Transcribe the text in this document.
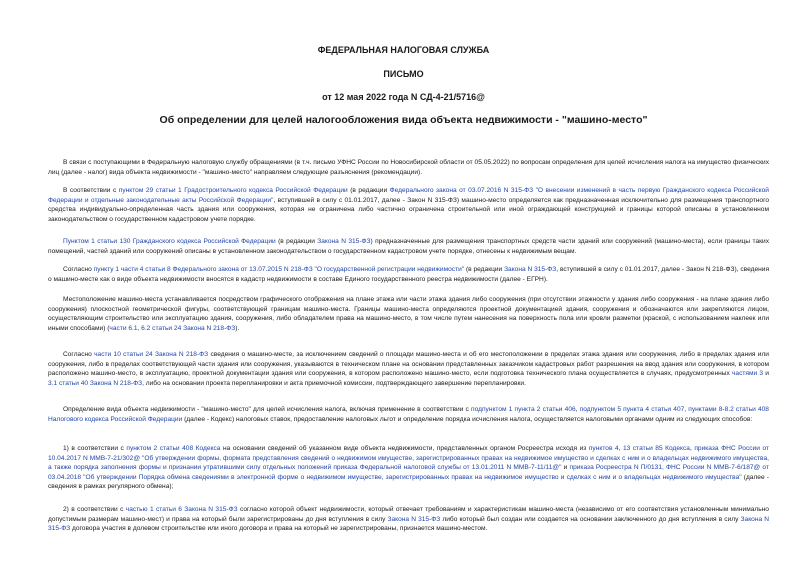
ФЕДЕРАЛЬНАЯ НАЛОГОВАЯ СЛУЖБА
ПИСЬМО
от 12 мая 2022 года N СД-4-21/5716@
Об определении для целей налогообложения вида объекта недвижимости - "машино-место"

В связи с поступающими в Федеральную налоговую службу обращениями (в т.ч. письмо УФНС России по Новосибирской области от 05.05.2022) по вопросам определения для целей исчисления налога на имущество физических лиц (далее - налог) вида объекта недвижимости - "машино-место" направляем следующие разъяснения (рекомендации).

В соответствии с пунктом 29 статьи 1 Градостроительного кодекса Российской Федерации (в редакции Федерального закона от 03.07.2016 N 315-ФЗ "О внесении изменений в часть первую Гражданского кодекса Российской Федерации и отдельные законодательные акты Российской Федерации", вступившей в силу с 01.01.2017, далее - Закон N 315-ФЗ) машино-место определяется как предназначенная исключительно для размещения транспортного средства индивидуально-определенная часть здания или сооружения, которая не ограничена либо частично ограничена строительной или иной ограждающей конструкцией и границы которой описаны в установленном законодательством о государственном кадастровом учете порядке.

Пунктом 1 статьи 130 Гражданского кодекса Российской Федерации (в редакции Закона N 315-ФЗ) предназначенные для размещения транспортных средств части зданий или сооружений (машино-места), если границы таких помещений, частей зданий или сооружений описаны в установленном законодательством о государственном кадастровом учете порядке, отнесены к недвижимым вещам.

Согласно пункту 1 части 4 статьи 8 Федерального закона от 13.07.2015 N 218-ФЗ "О государственной регистрации недвижимости" (в редакции Закона N 315-ФЗ, вступившей в силу с 01.01.2017, далее - Закон N 218-ФЗ), сведения о машино-месте как о виде объекта недвижимости вносятся в кадастр недвижимости в составе Единого государственного реестра недвижимости (далее - ЕГРН).

Местоположение машино-места устанавливается посредством графического отображения на плане этажа или части этажа здания либо сооружения (при отсутствии этажности у здания либо сооружения - на плане здания либо сооружения) плоскостной геометрической фигуры, соответствующей границам машино-места. Границы машино-места определяются проектной документацией здания, сооружения и обозначаются или закрепляются лицом, осуществляющим строительство или эксплуатацию здания, сооружения, либо обладателем права на машино-место, в том числе путем нанесения на поверхность пола или кровли разметки (краской, с использованием наклеек или иными способами) (части 6.1, 6.2 статьи 24 Закона N 218-ФЗ).

Согласно части 10 статьи 24 Закона N 218-ФЗ сведения о машино-месте, за исключением сведений о площади машино-места и об его местоположении в пределах этажа здания или сооружения, либо в пределах здания или сооружения, либо в пределах соответствующей части здания или сооружения, указываются в техническом плане на основании представленных заказчиком кадастровых работ разрешения на ввод здания или сооружения, в котором расположено машино-место, в эксплуатацию, проектной документации здания или сооружения, в котором расположено машино-место, если подготовка технического плана осуществляется в случаях, предусмотренных частями 3 и 3.1 статьи 40 Закона N 218-ФЗ, либо на основании проекта перепланировки и акта приемочной комиссии, подтверждающего завершение перепланировки.

Определение вида объекта недвижимости - "машино-место" для целей исчисления налога, включая применение в соответствии с подпунктом 1 пункта 2 статьи 406, подпунктом 5 пункта 4 статьи 407, пунктами 8-8.2 статьи 408 Налогового кодекса Российской Федерации (далее - Кодекс) налоговых ставок, предоставление налоговых льгот и определение порядка исчисления налога, осуществляется налоговыми органами одним из следующих способов:

1) в соответствии с пунктом 2 статьи 408 Кодекса на основании сведений об указанном виде объекта недвижимости, представленных органом Росреестра исходя из пунктов 4, 13 статьи 85 Кодекса, приказа ФНС России от 10.04.2017 N ММВ-7-21/302@ "Об утверждении формы, формата представления сведений о недвижимом имуществе, зарегистрированных правах на недвижимое имущество и сделках с ним и о владельцах недвижимого имущества, а также порядка заполнения формы и признании утратившими силу отдельных положений приказа Федеральной налоговой службы от 13.01.2011 N ММВ-7-11/11@" и приказа Росреестра N П/0131, ФНС России N ММВ-7-6/187@ от 03.04.2018 "Об утверждении Порядка обмена сведениями в электронной форме о недвижимом имуществе, зарегистрированных правах на недвижимое имущество и сделках с ним и о владельцах недвижимого имущества" (далее - сведения в рамках регулярного обмена);

2) в соответствии с частью 1 статьи 6 Закона N 315-ФЗ согласно которой объект недвижимости, который отвечает требованиям и характеристикам машино-места (независимо от его соответствия установленным минимально допустимым размерам машино-мест) и права на который были зарегистрированы до дня вступления в силу Закона N 315-ФЗ либо который был создан или создается на основании заключенного до дня вступления в силу Закона N 315-ФЗ договора участия в долевом строительстве или иного договора и права на который не зарегистрированы, признается машино-местом.
